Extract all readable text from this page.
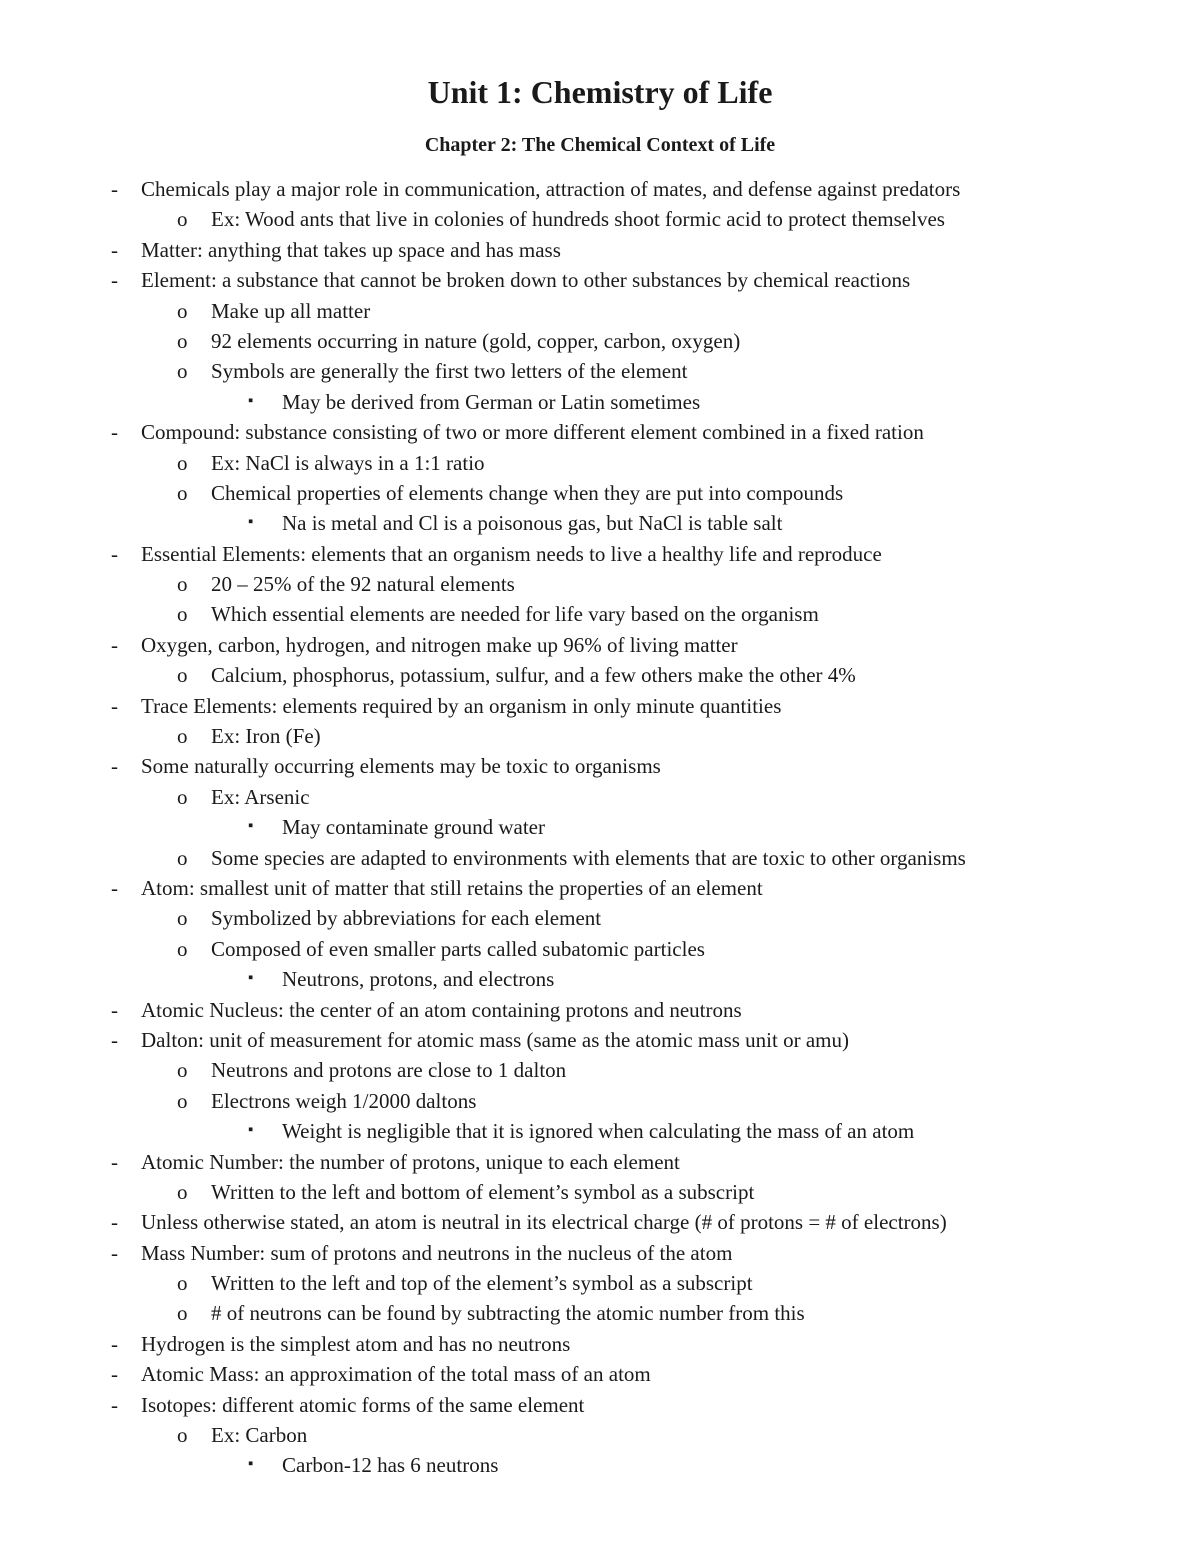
Unit 1: Chemistry of Life
Chapter 2: The Chemical Context of Life
- Chemicals play a major role in communication, attraction of mates, and defense against predators
o Ex: Wood ants that live in colonies of hundreds shoot formic acid to protect themselves
- Matter: anything that takes up space and has mass
- Element: a substance that cannot be broken down to other substances by chemical reactions
o Make up all matter
o 92 elements occurring in nature (gold, copper, carbon, oxygen)
o Symbols are generally the first two letters of the element
▪ May be derived from German or Latin sometimes
- Compound: substance consisting of two or more different element combined in a fixed ration
o Ex: NaCl is always in a 1:1 ratio
o Chemical properties of elements change when they are put into compounds
▪ Na is metal and Cl is a poisonous gas, but NaCl is table salt
- Essential Elements: elements that an organism needs to live a healthy life and reproduce
o 20 – 25% of the 92 natural elements
o Which essential elements are needed for life vary based on the organism
- Oxygen, carbon, hydrogen, and nitrogen make up 96% of living matter
o Calcium, phosphorus, potassium, sulfur, and a few others make the other 4%
- Trace Elements: elements required by an organism in only minute quantities
o Ex: Iron (Fe)
- Some naturally occurring elements may be toxic to organisms
o Ex: Arsenic
▪ May contaminate ground water
o Some species are adapted to environments with elements that are toxic to other organisms
- Atom: smallest unit of matter that still retains the properties of an element
o Symbolized by abbreviations for each element
o Composed of even smaller parts called subatomic particles
▪ Neutrons, protons, and electrons
- Atomic Nucleus: the center of an atom containing protons and neutrons
- Dalton: unit of measurement for atomic mass (same as the atomic mass unit or amu)
o Neutrons and protons are close to 1 dalton
o Electrons weigh 1/2000 daltons
▪ Weight is negligible that it is ignored when calculating the mass of an atom
- Atomic Number: the number of protons, unique to each element
o Written to the left and bottom of element’s symbol as a subscript
- Unless otherwise stated, an atom is neutral in its electrical charge (# of protons = # of electrons)
- Mass Number: sum of protons and neutrons in the nucleus of the atom
o Written to the left and top of the element’s symbol as a subscript
o # of neutrons can be found by subtracting the atomic number from this
- Hydrogen is the simplest atom and has no neutrons
- Atomic Mass: an approximation of the total mass of an atom
- Isotopes: different atomic forms of the same element
o Ex: Carbon
▪ Carbon-12 has 6 neutrons
